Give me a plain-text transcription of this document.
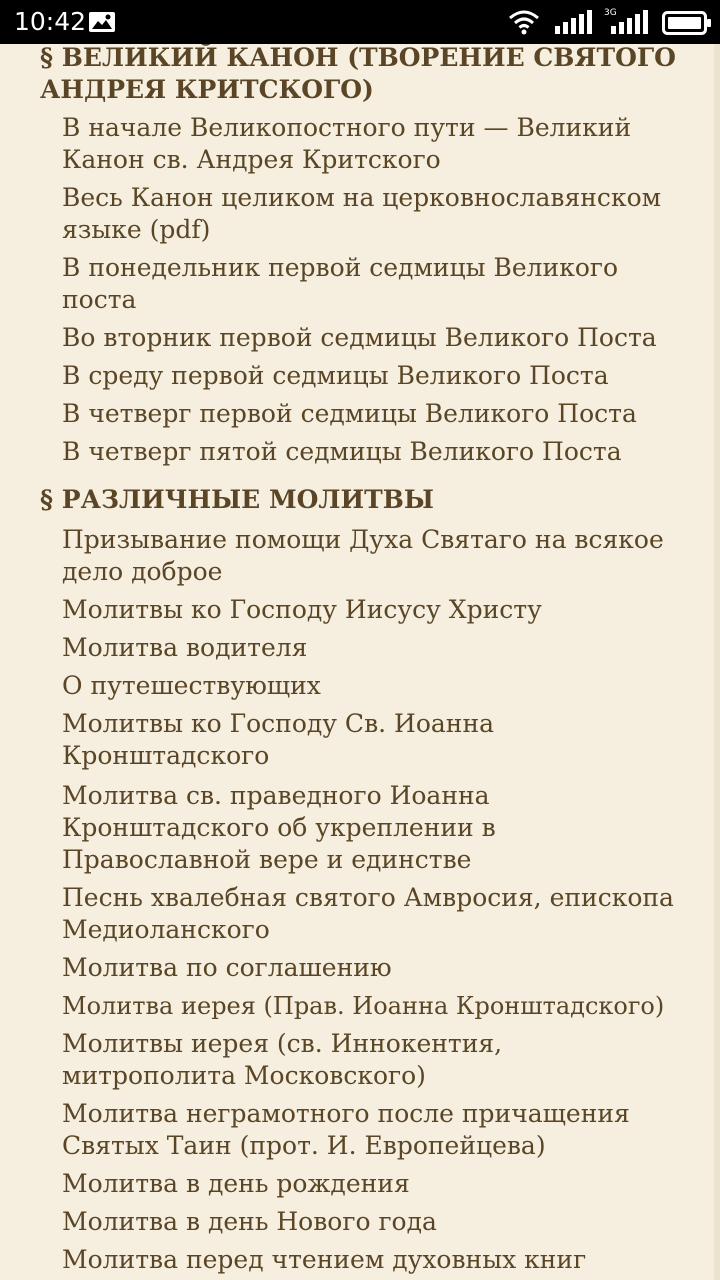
10:42	3G
§ ВЕЛИКИЙ КАНОН (ТВОРЕНИЕ СВЯТОГО
АНДРЕЯ КРИТСКОГО)
В начале Великопостного пути — Великий
Канон св. Андрея Критского
Весь Канон целиком на церковнославянском
языке (pdf)
В понедельник первой седмицы Великого
поста
Во вторник первой седмицы Великого Поста
В среду первой седмицы Великого Поста
В четверг первой седмицы Великого Поста
В четверг пятой седмицы Великого Поста
§ РАЗЛИЧНЫЕ МОЛИТВЫ
Призывание помощи Духа Святаго на всякое
дело доброе
Молитвы ко Господу Иисусу Христу
Молитва водителя
О путешествующих
Молитвы ко Господу Св. Иоанна
Кронштадского
Молитва св. праведного Иоанна
Кронштадского об укреплении в
Православной вере и единстве
Песнь хвалебная святого Амвросия, епископа
Медиоланского
Молитва по соглашению
Молитва иерея (Прав. Иоанна Кронштадского)
Молитвы иерея (св. Иннокентия,
митрополита Московского)
Молитва неграмотного после причащения
Святых Таин (прот. И. Европейцева)
Молитва в день рождения
Молитва в день Нового года
Молитва перед чтением духовных книг
